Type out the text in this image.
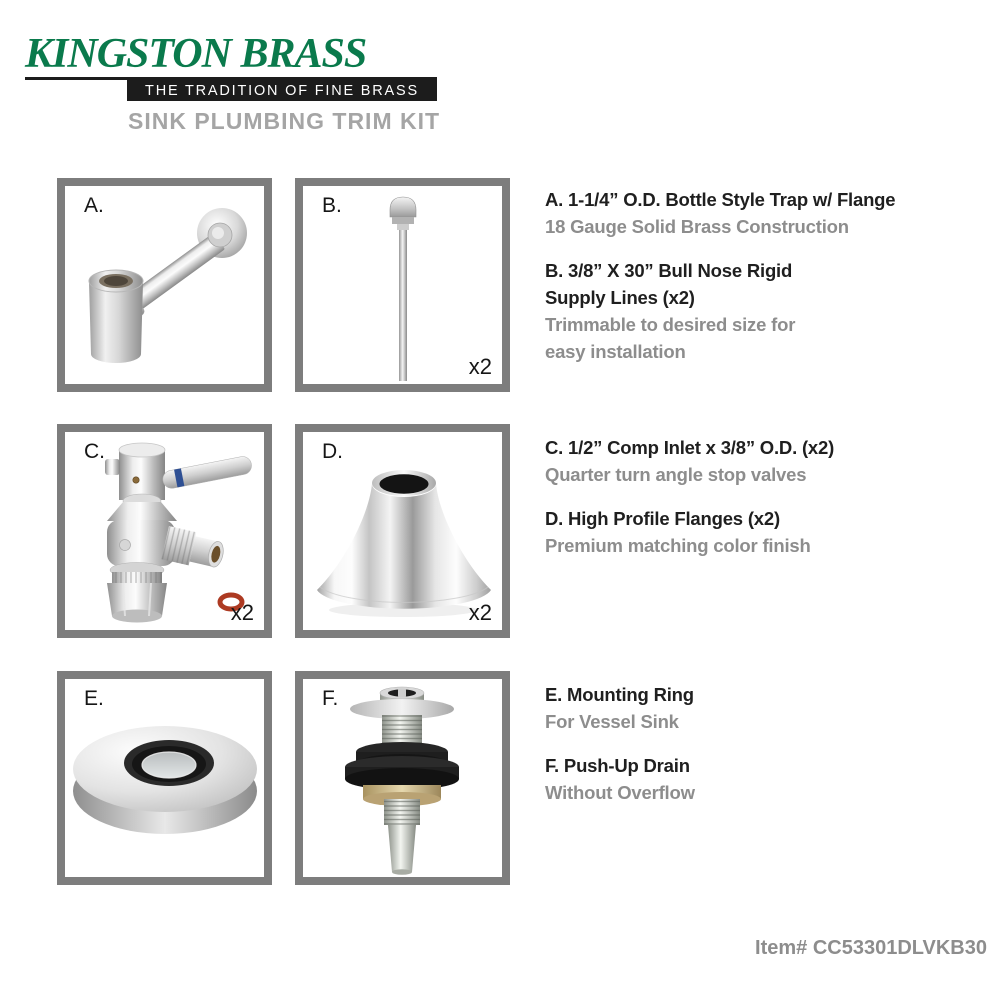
KINGSTON BRASS
THE TRADITION OF FINE BRASS
SINK PLUMBING TRIM KIT
A.	B.
x2
C.
x2
D.
x2
E.	F.
A. 1-1/4” O.D. Bottle Style Trap w/ Flange
18 Gauge Solid Brass Construction
B. 3/8” X 30” Bull Nose Rigid
Supply Lines (x2)
Trimmable to desired size for
easy installation
C. 1/2” Comp Inlet x 3/8” O.D. (x2)
Quarter turn angle stop valves
D. High Profile Flanges (x2)
Premium matching color finish
E. Mounting Ring
For Vessel Sink
F. Push-Up Drain
Without Overflow
Item# CC53301DLVKB30
